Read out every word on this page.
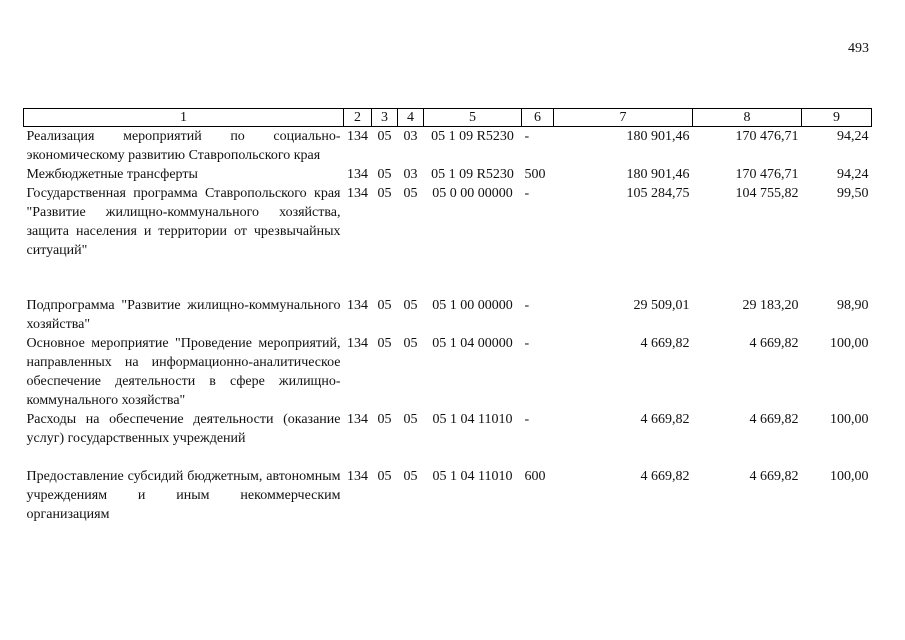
493
1	2	3	4	5	6	7	8	9
Реализация мероприятий по социально-экономическому развитию Ставропольского края	134	05	03	05 1 09 R5230	-	180 901,46	170 476,71	94,24
Межбюджетные трансферты	134	05	03	05 1 09 R5230	500	180 901,46	170 476,71	94,24
Государственная программа Ставропольского края "Развитие жилищно-коммунального хозяйства, защита населения и территории от чрезвычайных ситуаций"	134	05	05	05 0 00 00000	-	105 284,75	104 755,82	99,50
Подпрограмма "Развитие жилищно-коммунального хозяйства"	134	05	05	05 1 00 00000	-	29 509,01	29 183,20	98,90
Основное мероприятие "Проведение мероприятий, направленных на информационно-аналитическое обеспечение деятельности в сфере жилищно-коммунального хозяйства"	134	05	05	05 1 04 00000	-	4 669,82	4 669,82	100,00
Расходы на обеспечение деятельности (оказание услуг) государственных учреждений	134	05	05	05 1 04 11010	-	4 669,82	4 669,82	100,00
Предоставление субсидий бюджетным, автономным учреждениям и иным некоммерческим организациям	134	05	05	05 1 04 11010	600	4 669,82	4 669,82	100,00
